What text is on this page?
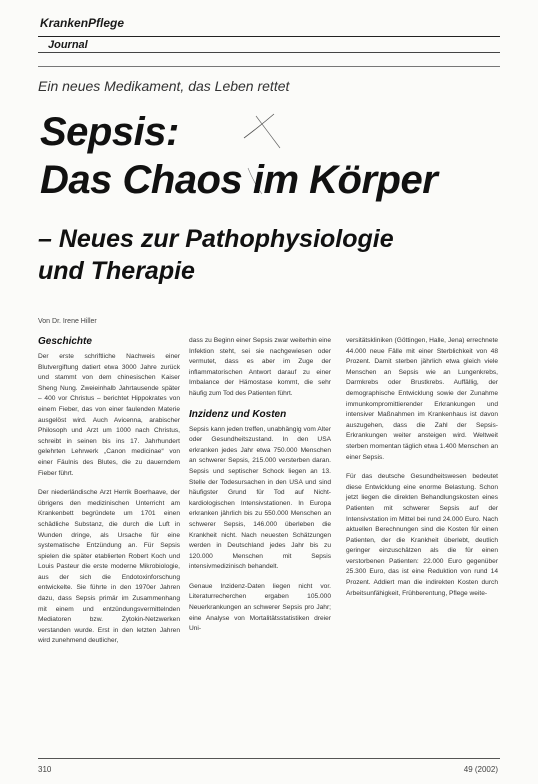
KrankenPflege
Journal
Ein neues Medikament, das Leben rettet
Sepsis:
Das Chaos im Körper
– Neues zur Pathophysiologie
und Therapie
Von Dr. Irene Hiller
Geschichte

Der erste schriftliche Nachweis einer Blutvergiftung datiert etwa 3000 Jahre zurück und stammt von dem chinesischen Kaiser Sheng Nung. Zweieinhalb Jahrtausende später – 400 vor Christus – berichtet Hippokrates von einem Fieber, das von einer faulenden Materie ausgelöst wird. Auch Avicenna, arabischer Philosoph und Arzt um 1000 nach Christus, schreibt in seinen bis ins 17. Jahrhundert gelehrten Lehrwerk „Canon medicinae“ von einer Fäulnis des Blutes, die zu dauerndem Fieber führt.

Der niederländische Arzt Herrik Boerhaave, der übrigens den medizinischen Unterricht am Krankenbett begründete um 1701 einen schädliche Substanz, die durch die Luft in Wunden dringe, als Ursache für eine systematische Entzündung an. Für Sepsis spielen die später etablierten Robert Koch und Louis Pasteur die erste moderne Mikrobiologie, aus der sich die Endotoxinforschung entwickelte. Sie führte in den 1970er Jahren dazu, dass Sepsis primär im Zusammenhang mit einem und entzündungsvermittelnden Mediatoren bzw. Zytokin-Netzwerken verstanden wurde. Erst in den letzten Jahren wird zunehmend deutlicher,

dass zu Beginn einer Sepsis zwar weiterhin eine Infektion steht, sei sie nachgewiesen oder vermutet, dass es aber im Zuge der inflammatorischen Antwort darauf zu einer Imbalance der Hämostase kommt, die sehr häufig zum Tod des Patienten führt.

Inzidenz und Kosten

Sepsis kann jeden treffen, unabhängig vom Alter oder Gesundheitszustand. In den USA erkranken jedes Jahr etwa 750.000 Menschen an schwerer Sepsis, 215.000 versterben daran. Sepsis und septischer Schock liegen an 13. Stelle der Todesursachen in den USA und sind häufigster Grund für Tod auf Nicht-kardiologischen Intensivstationen. In Europa erkranken jährlich bis zu 550.000 Menschen an schwerer Sepsis, 146.000 überleben die Krankheit nicht. Nach neuesten Schätzungen werden in Deutschland jedes Jahr bis zu 120.000 Menschen mit Sepsis intensivmedizinisch behandelt.

Genaue Inzidenz-Daten liegen nicht vor. Literaturrecherchen ergaben 105.000 Neuerkrankungen an schwerer Sepsis pro Jahr; eine Analyse von Mortalitätsstatistiken dreier Uni-

versitätskliniken (Göttingen, Halle, Jena) errechnete 44.000 neue Fälle mit einer Sterblichkeit von 48 Prozent. Damit sterben jährlich etwa gleich viele Menschen an Sepsis wie an Lungenkrebs, Darmkrebs oder Brustkrebs. Auffällig, der demographische Entwicklung sowie der Zunahme immunkompromittierender Erkrankungen und intensiver Maßnahmen im Krankenhaus ist davon auszugehen, dass die Zahl der Sepsis-Erkrankungen weiter ansteigen wird. Weltweit sterben momentan täglich etwa 1.400 Menschen an einer Sepsis.

Für das deutsche Gesundheitswesen bedeutet diese Entwicklung eine enorme Belastung. Schon jetzt liegen die direkten Behandlungskosten eines Patienten mit schwerer Sepsis auf der Intensivstation im Mittel bei rund 24.000 Euro. Nach aktuellen Berechnungen sind die Kosten für einen Patienten, der die Krankheit überlebt, deutlich geringer einzuschätzen als die für einen verstorbenen Patienten: 22.000 Euro gegenüber 25.300 Euro, das ist eine Reduktion von rund 14 Prozent. Addiert man die indirekten Kosten durch Arbeitsunfähigkeit, Frühberentung, Pflege weite-

310	49 (2002)
